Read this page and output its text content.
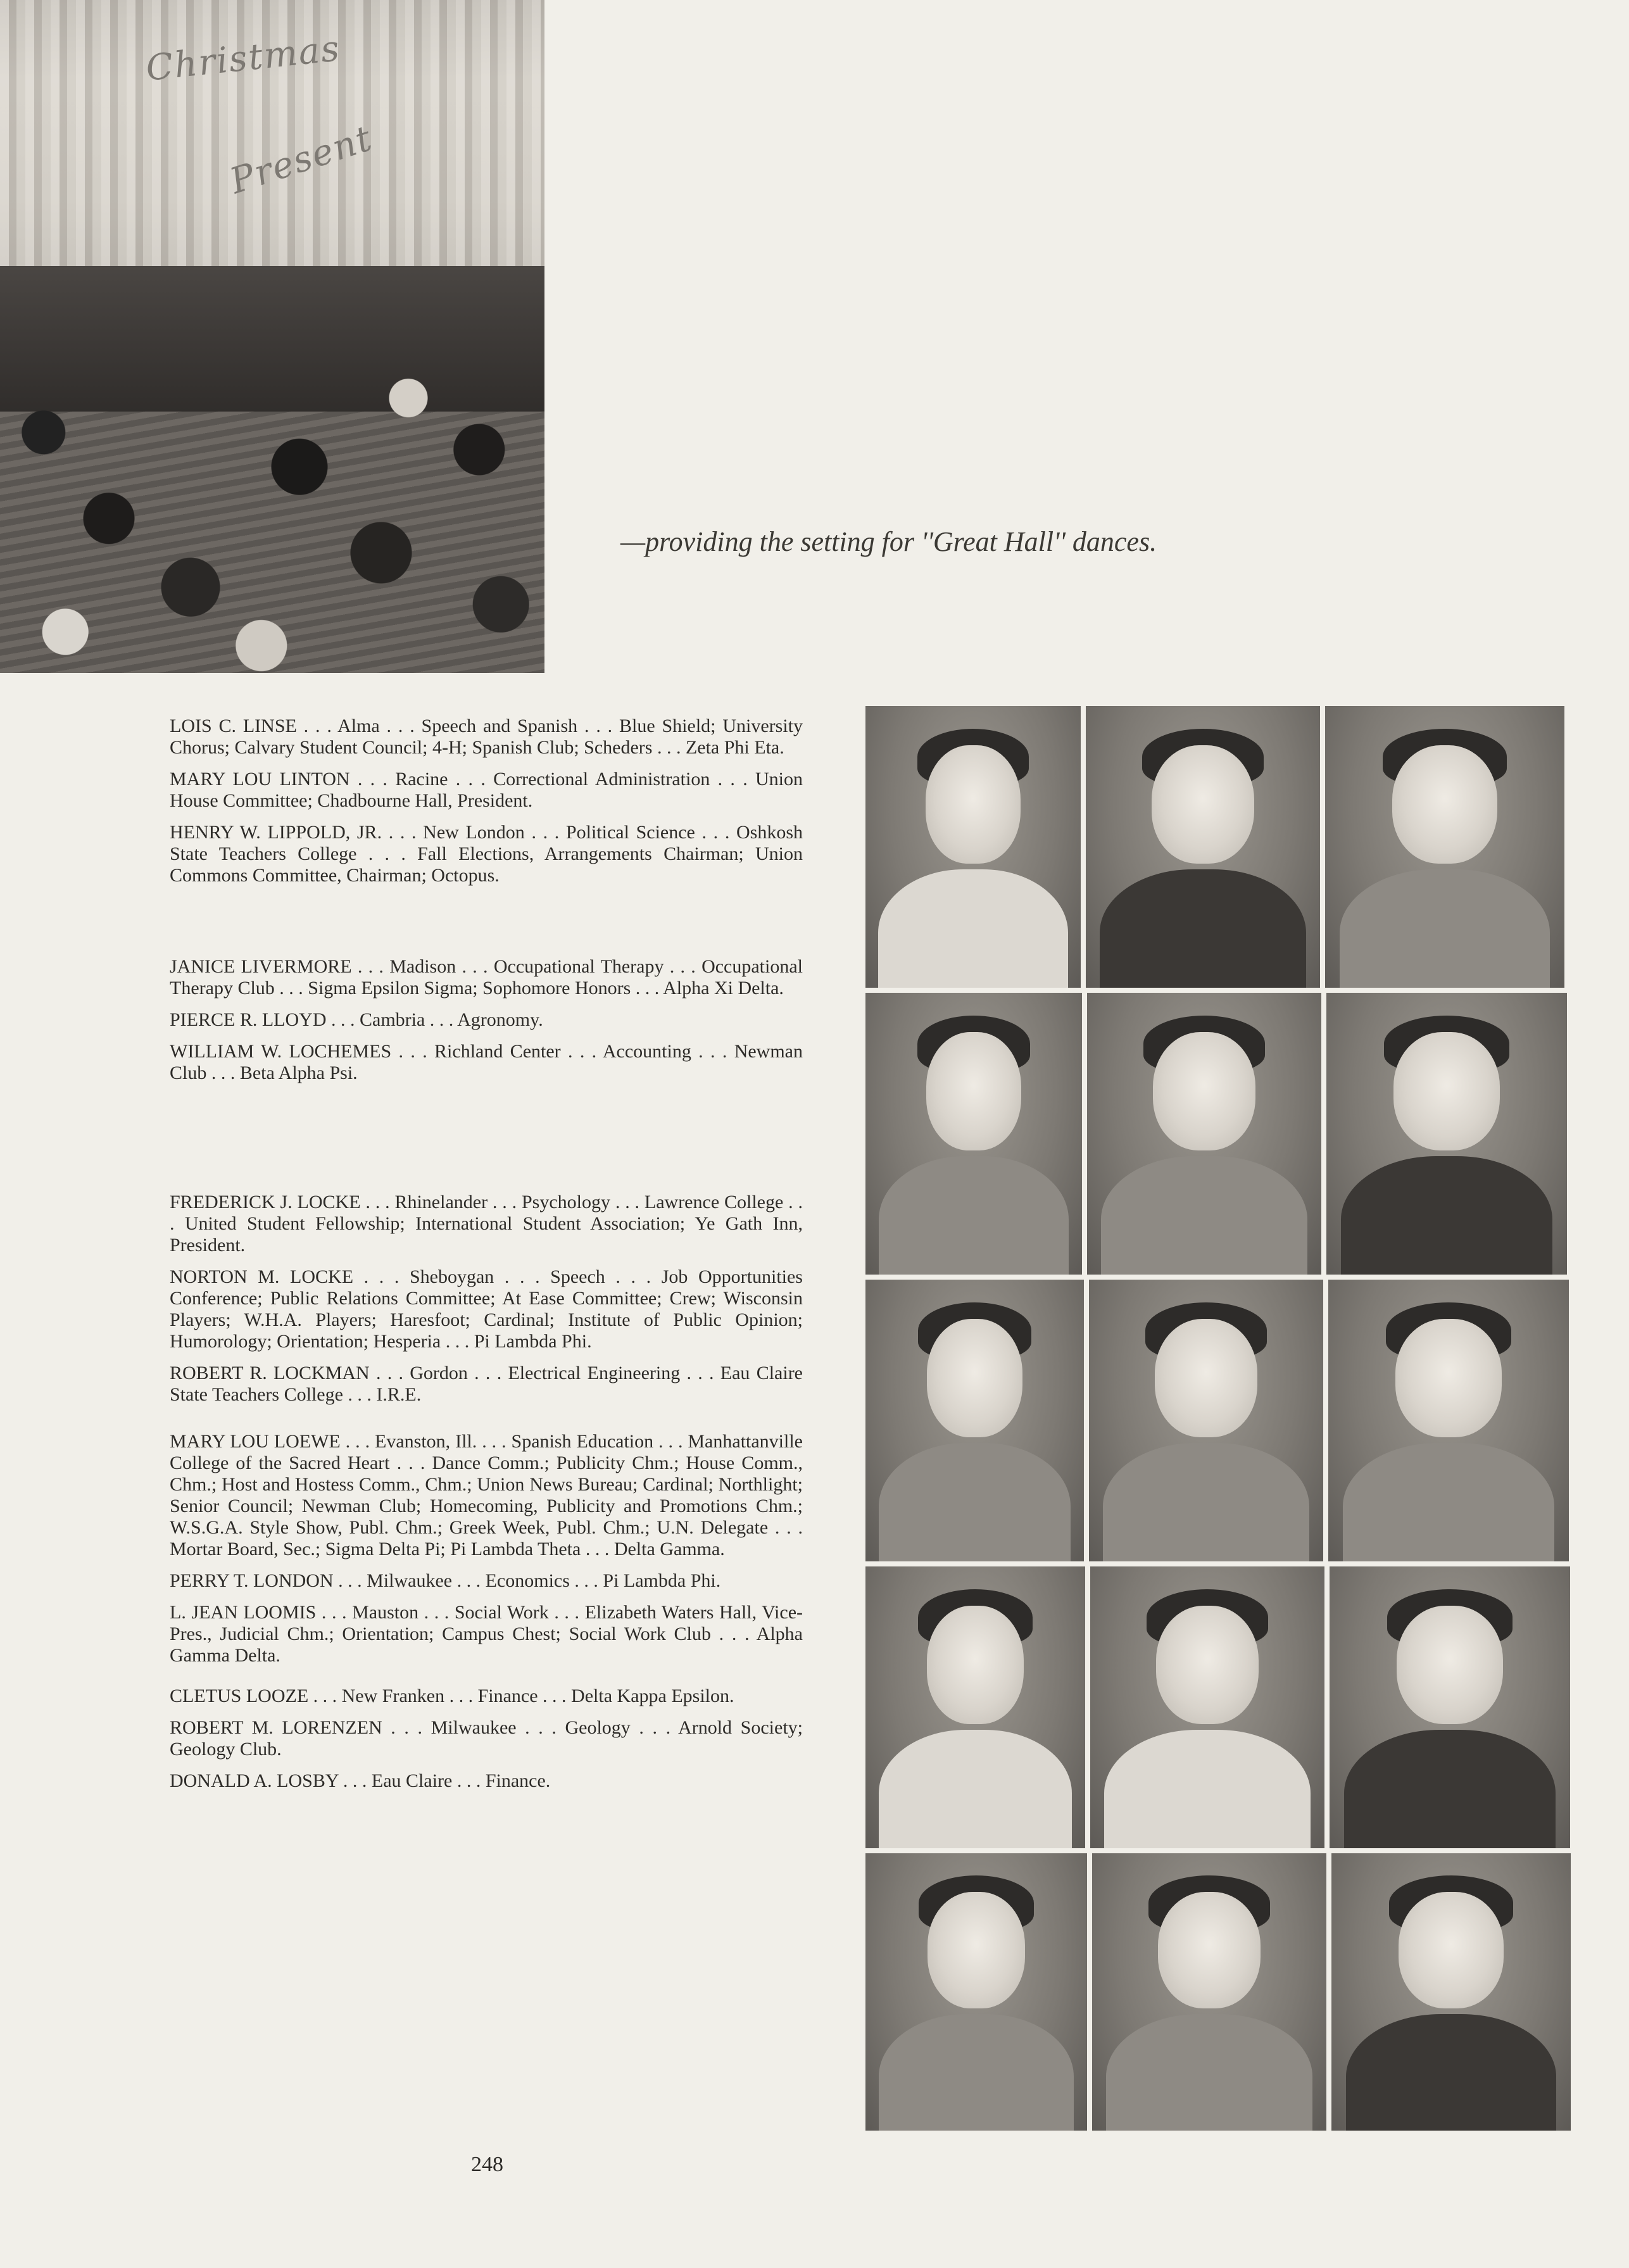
Christmas
Present
—providing the setting for ''Great Hall'' dances.

LOIS C. LINSE . . . Alma . . . Speech and Spanish . . . Blue Shield; University Chorus; Calvary Student Council; 4-H; Spanish Club; Scheders . . . Zeta Phi Eta.

MARY LOU LINTON . . . Racine . . . Correctional Administration . . . Union House Committee; Chadbourne Hall, President.

HENRY W. LIPPOLD, JR. . . . New London . . . Political Science . . . Oshkosh State Teachers College . . . Fall Elections, Arrangements Chairman; Union Commons Committee, Chairman; Octopus.

JANICE LIVERMORE . . . Madison . . . Occupational Therapy . . . Occupational Therapy Club . . . Sigma Epsilon Sigma; Sophomore Honors . . . Alpha Xi Delta.

PIERCE R. LLOYD . . . Cambria . . . Agronomy.

WILLIAM W. LOCHEMES . . . Richland Center . . . Accounting . . . Newman Club . . . Beta Alpha Psi.

FREDERICK J. LOCKE . . . Rhinelander . . . Psychology . . . Lawrence College . . . United Student Fellowship; International Student Association; Ye Gath Inn, President.

NORTON M. LOCKE . . . Sheboygan . . . Speech . . . Job Opportunities Conference; Public Relations Committee; At Ease Committee; Crew; Wisconsin Players; W.H.A. Players; Haresfoot; Cardinal; Institute of Public Opinion; Humorology; Orientation; Hesperia . . . Pi Lambda Phi.

ROBERT R. LOCKMAN . . . Gordon . . . Electrical Engineering . . . Eau Claire State Teachers College . . . I.R.E.

MARY LOU LOEWE . . . Evanston, Ill. . . . Spanish Education . . . Manhattanville College of the Sacred Heart . . . Dance Comm.; Publicity Chm.; House Comm., Chm.; Host and Hostess Comm., Chm.; Union News Bureau; Cardinal; Northlight; Senior Council; Newman Club; Homecoming, Publicity and Promotions Chm.; W.S.G.A. Style Show, Publ. Chm.; Greek Week, Publ. Chm.; U.N. Delegate . . . Mortar Board, Sec.; Sigma Delta Pi; Pi Lambda Theta . . . Delta Gamma.

PERRY T. LONDON . . . Milwaukee . . . Economics . . . Pi Lambda Phi.

L. JEAN LOOMIS . . . Mauston . . . Social Work . . . Elizabeth Waters Hall, Vice-Pres., Judicial Chm.; Orientation; Campus Chest; Social Work Club . . . Alpha Gamma Delta.

CLETUS LOOZE . . . New Franken . . . Finance . . . Delta Kappa Epsilon.

ROBERT M. LORENZEN . . . Milwaukee . . . Geology . . . Arnold Society; Geology Club.

DONALD A. LOSBY . . . Eau Claire . . . Finance.

248
